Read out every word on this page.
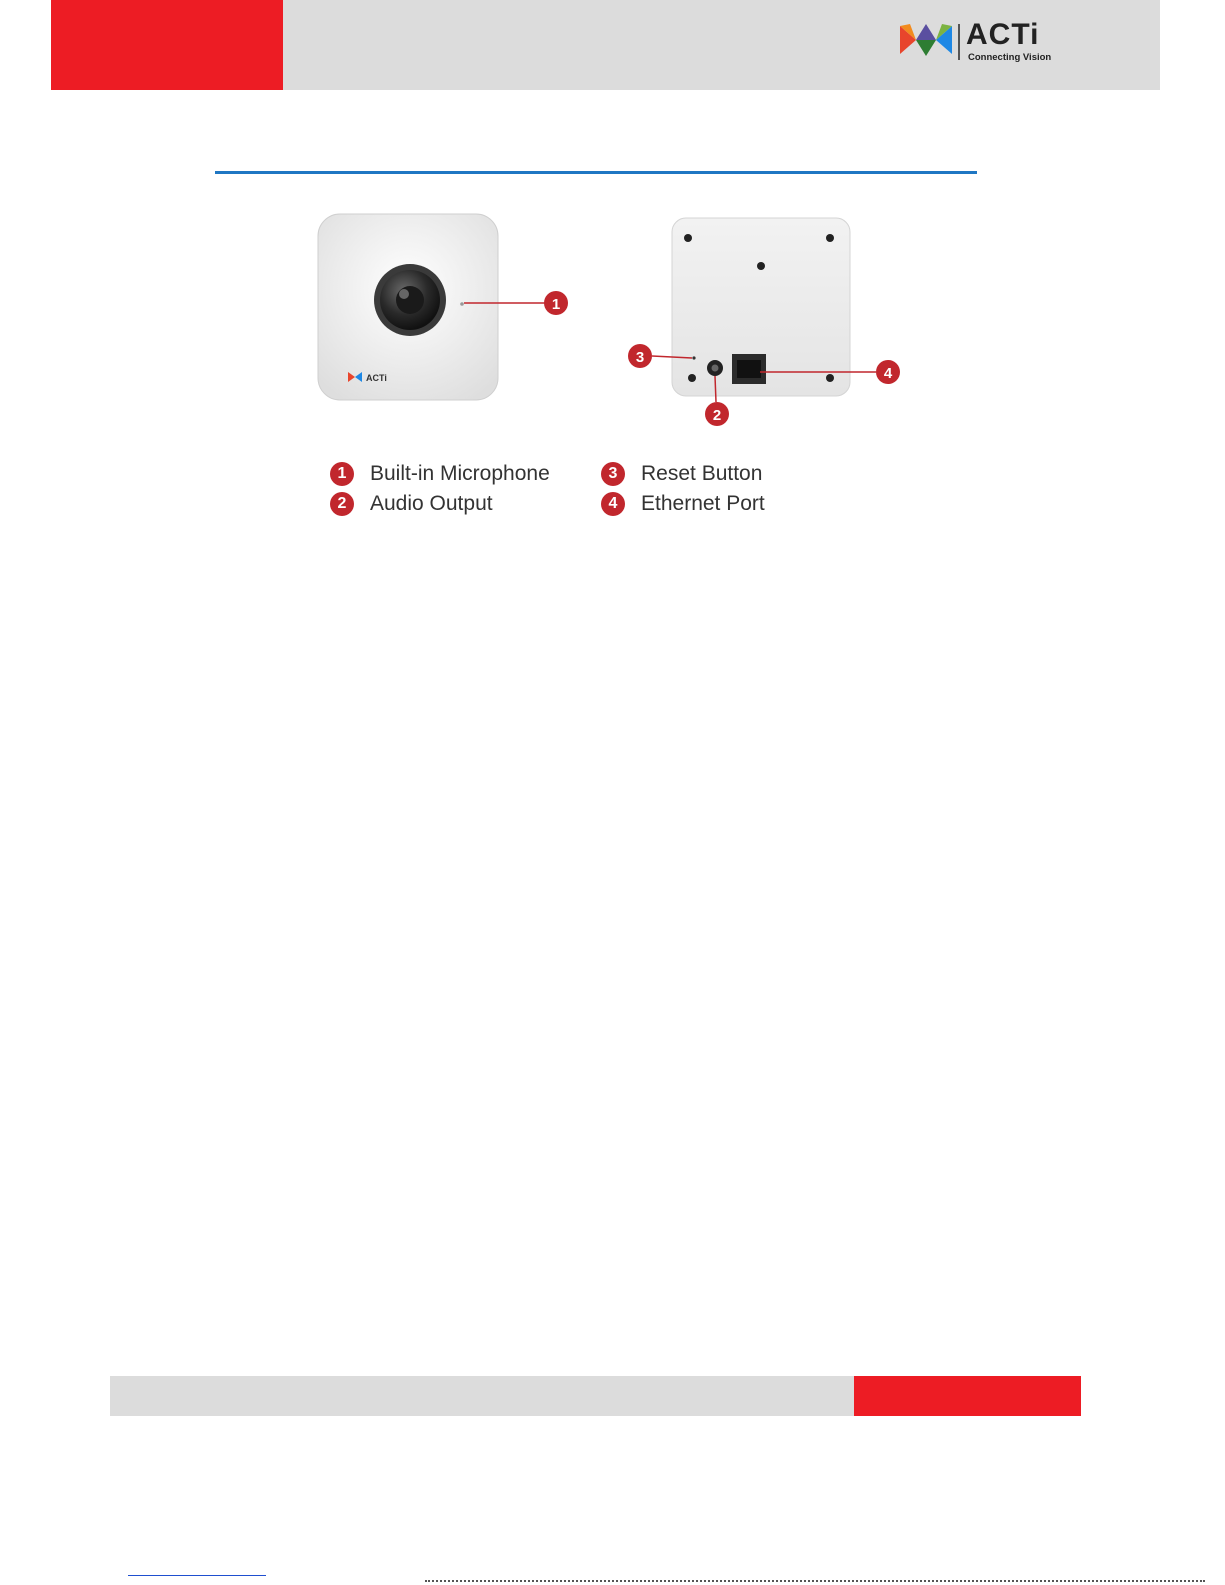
ACTi
Connecting Vision
ACTi
1
3
2
4
1	Built-in Microphone
2	Audio Output
3	Reset Button
4	Ethernet Port
